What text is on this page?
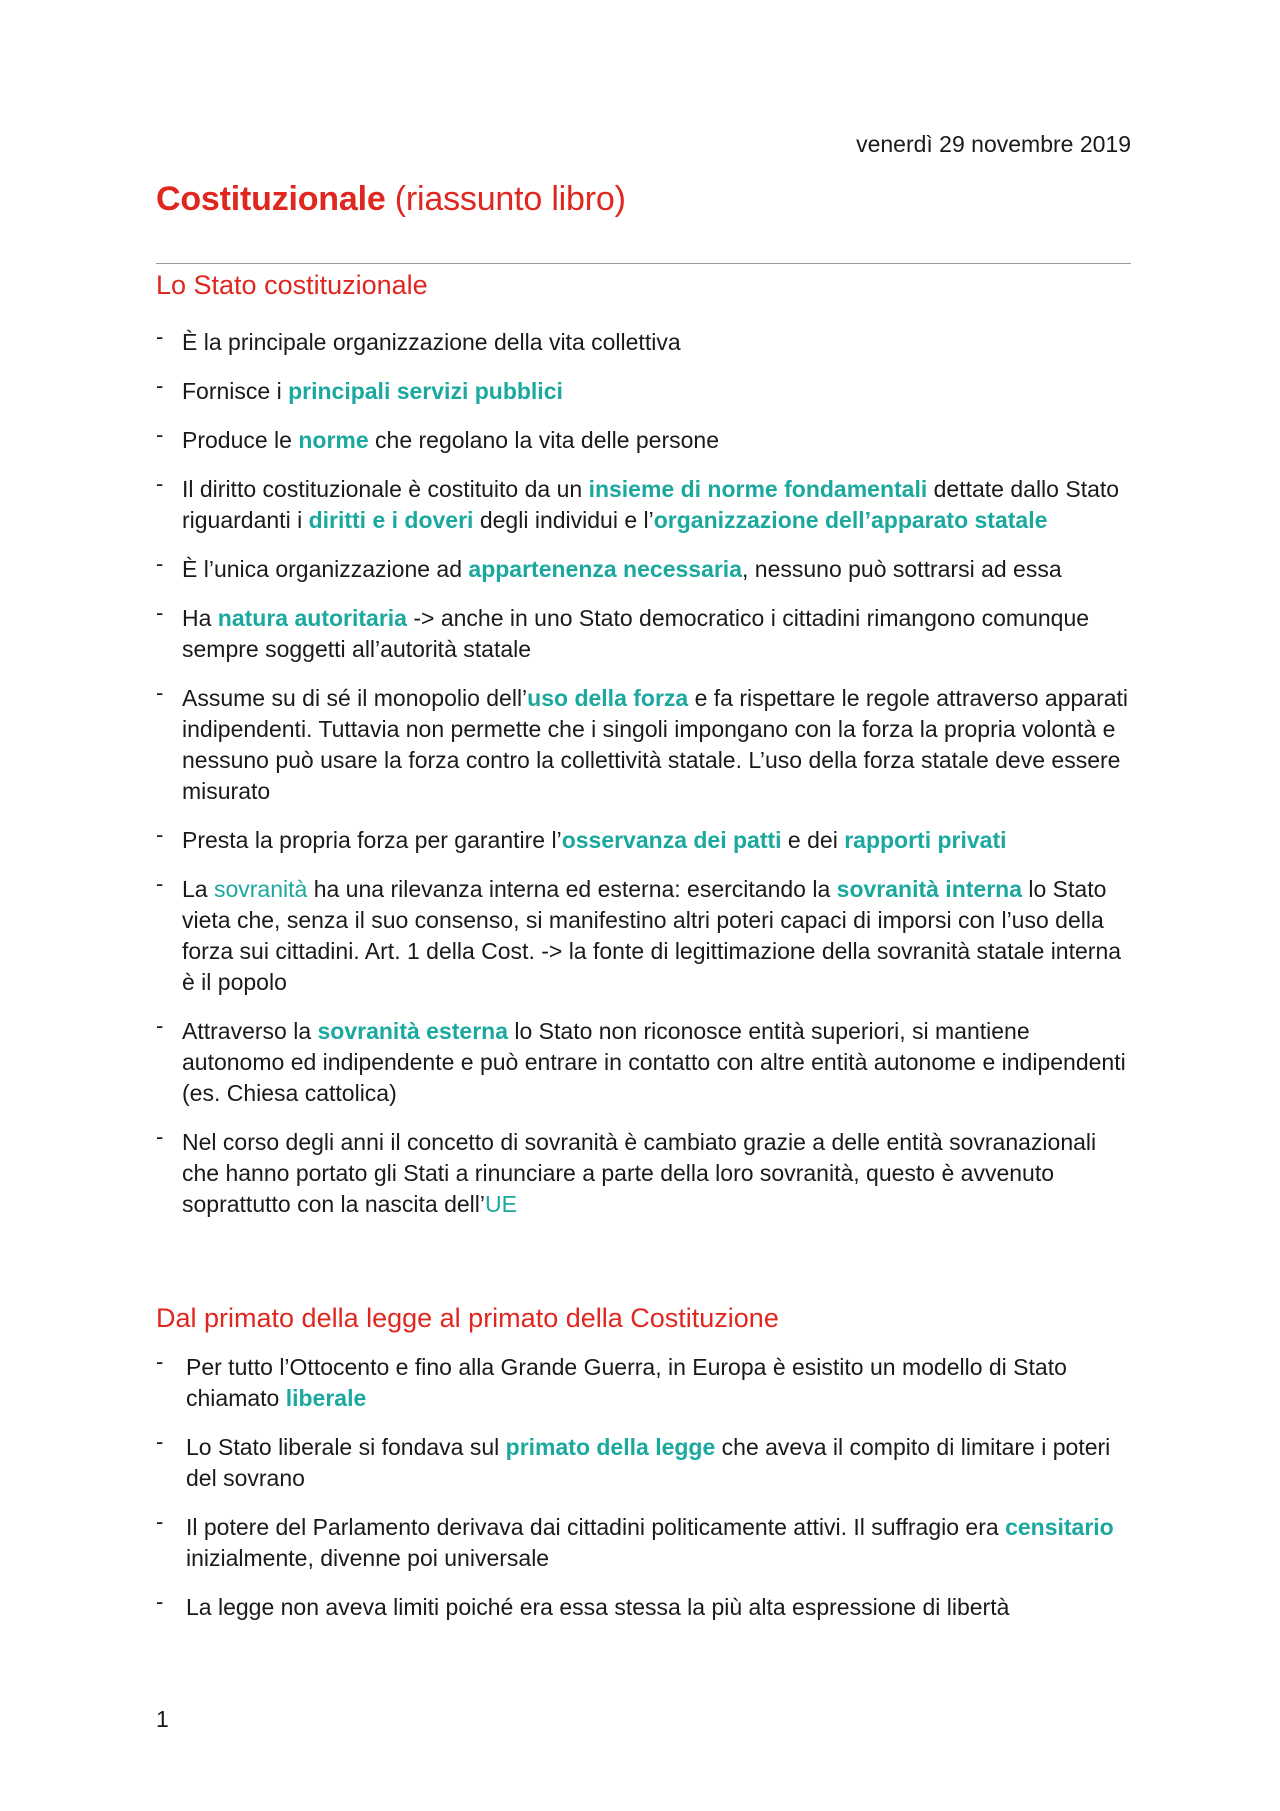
venerdì 29 novembre 2019
Costituzionale (riassunto libro)
Lo Stato costituzionale
- È la principale organizzazione della vita collettiva
- Fornisce i principali servizi pubblici
- Produce le norme che regolano la vita delle persone
- Il diritto costituzionale è costituito da un insieme di norme fondamentali dettate dallo Stato riguardanti i diritti e i doveri degli individui e l’organizzazione dell’apparato statale
- È l’unica organizzazione ad appartenenza necessaria, nessuno può sottrarsi ad essa
- Ha natura autoritaria -> anche in uno Stato democratico i cittadini rimangono comunque sempre soggetti all’autorità statale
- Assume su di sé il monopolio dell’uso della forza e fa rispettare le regole attraverso apparati indipendenti. Tuttavia non permette che i singoli impongano con la forza la propria volontà e nessuno può usare la forza contro la collettività statale. L’uso della forza statale deve essere misurato
- Presta la propria forza per garantire l’osservanza dei patti e dei rapporti privati
- La sovranità ha una rilevanza interna ed esterna: esercitando la sovranità interna lo Stato vieta che, senza il suo consenso, si manifestino altri poteri capaci di imporsi con l’uso della forza sui cittadini. Art. 1 della Cost. -> la fonte di legittimazione della sovranità statale interna è il popolo
- Attraverso la sovranità esterna lo Stato non riconosce entità superiori, si mantiene autonomo ed indipendente e può entrare in contatto con altre entità autonome e indipendenti (es. Chiesa cattolica)
- Nel corso degli anni il concetto di sovranità è cambiato grazie a delle entità sovranazionali che hanno portato gli Stati a rinunciare a parte della loro sovranità, questo è avvenuto soprattutto con la nascita dell’UE
Dal primato della legge al primato della Costituzione
- Per tutto l’Ottocento e fino alla Grande Guerra, in Europa è esistito un modello di Stato chiamato liberale
- Lo Stato liberale si fondava sul primato della legge che aveva il compito di limitare i poteri del sovrano
- Il potere del Parlamento derivava dai cittadini politicamente attivi. Il suffragio era censitario inizialmente, divenne poi universale
- La legge non aveva limiti poiché era essa stessa la più alta espressione di libertà
1
